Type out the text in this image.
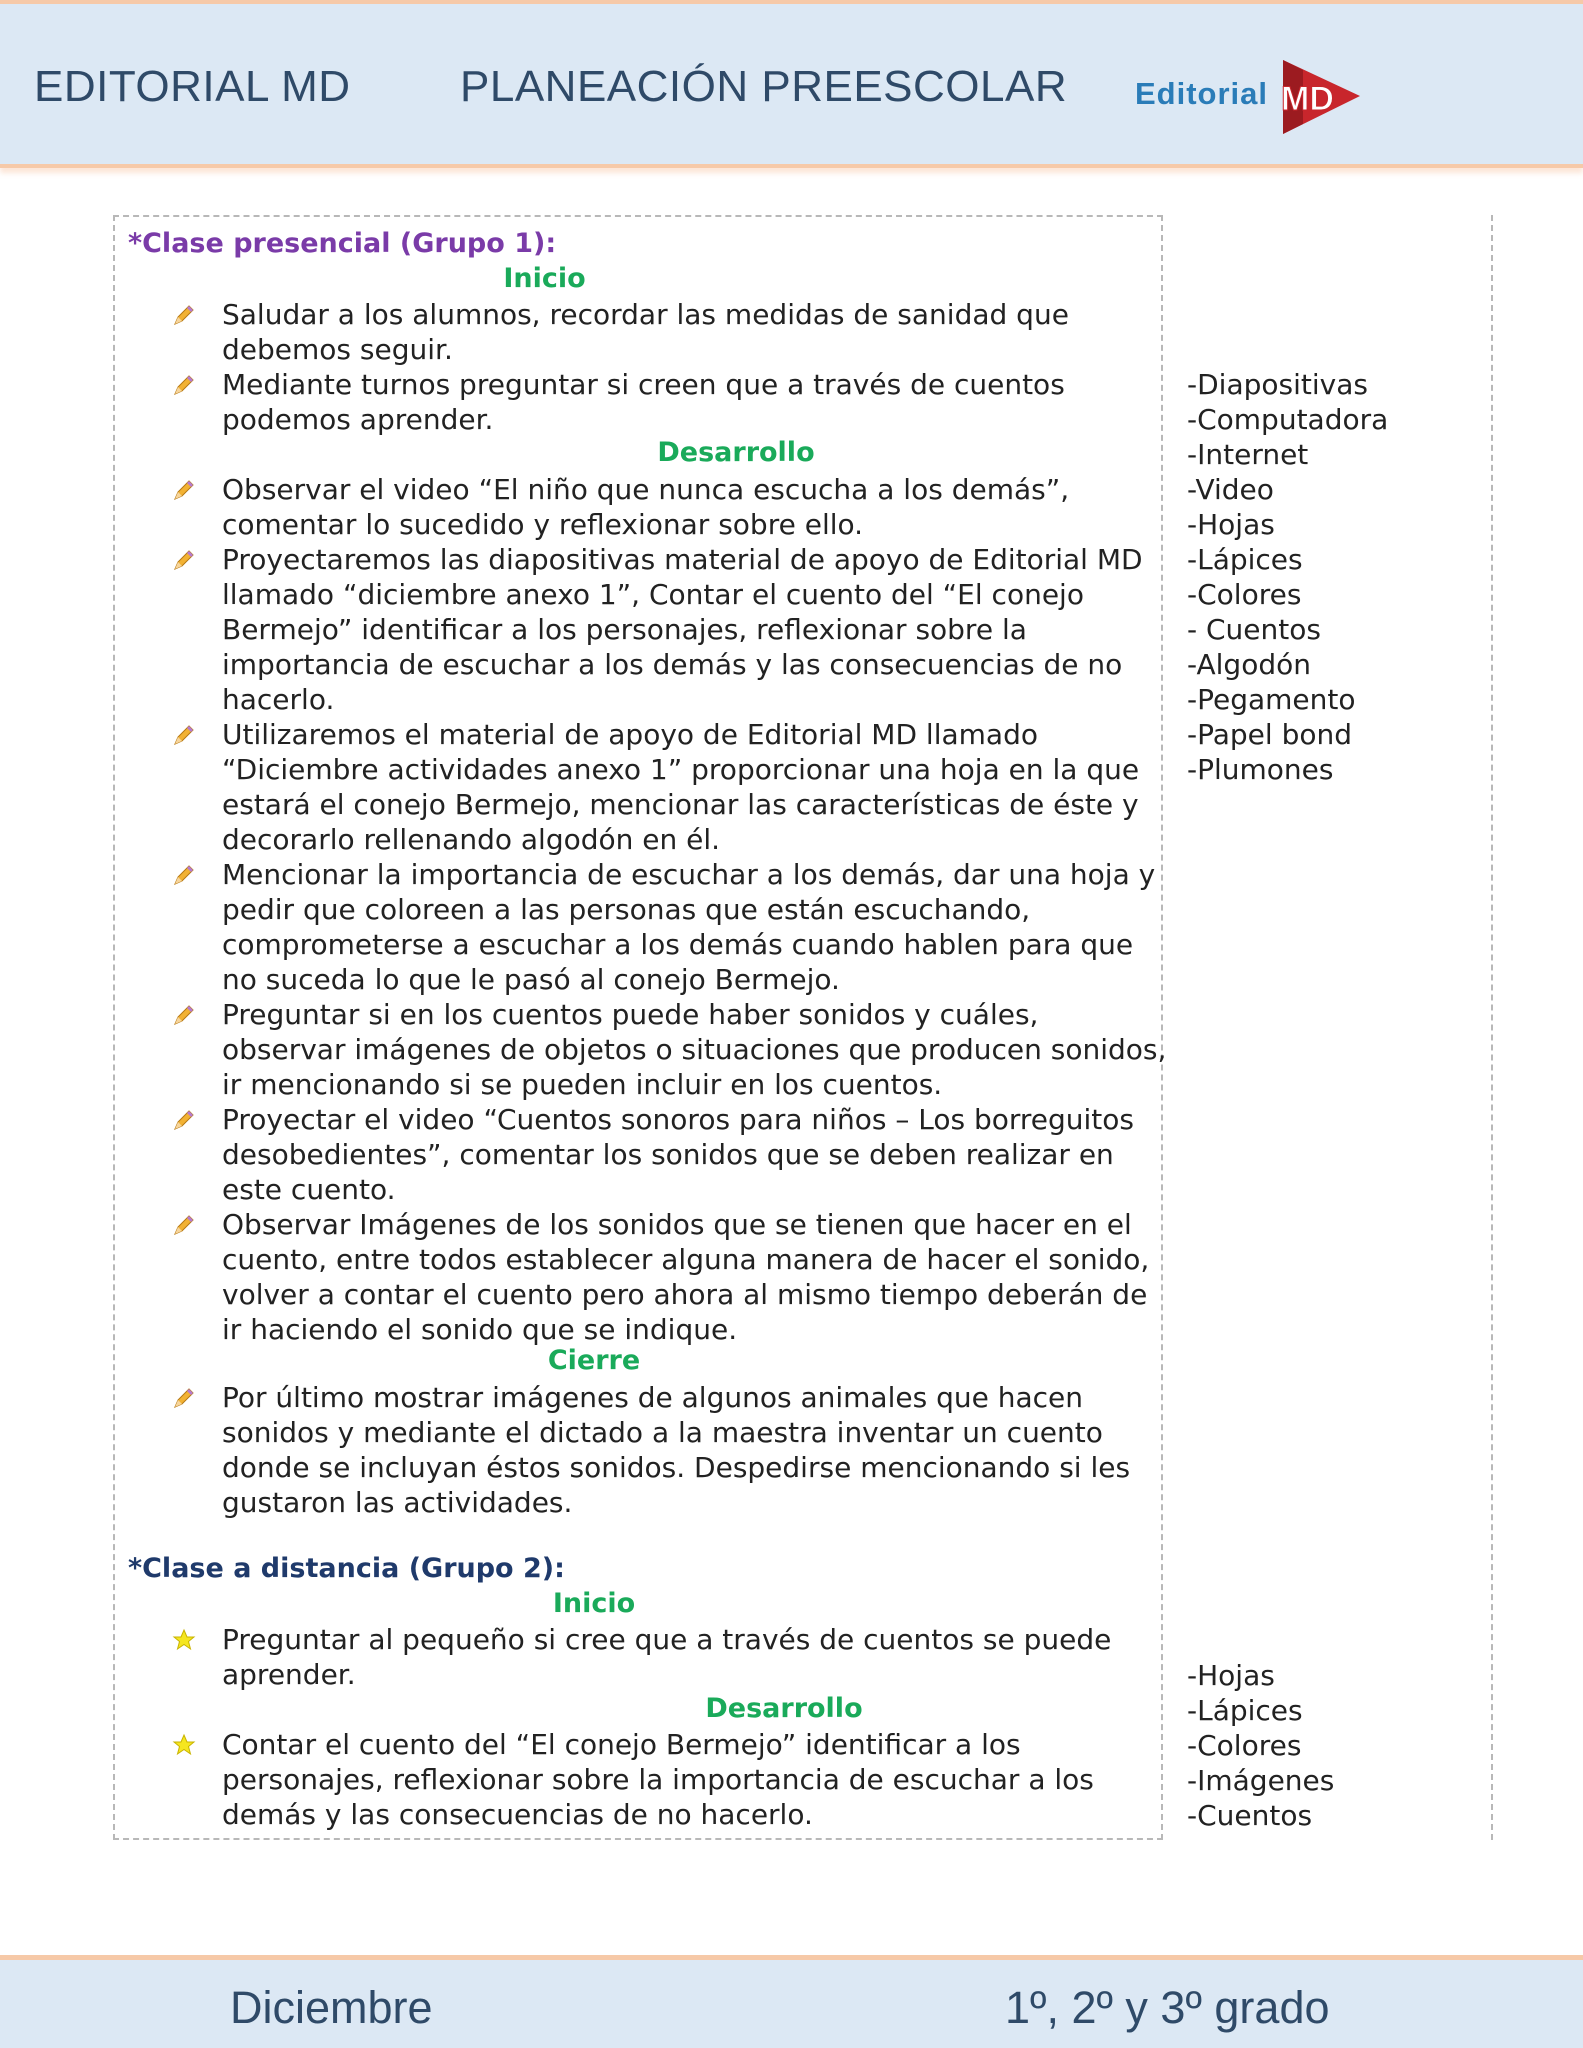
EDITORIAL MD PLANEACIÓN PREESCOLAR Editorial MD
*Clase presencial (Grupo 1):
Inicio
Saludar a los alumnos, recordar las medidas de sanidad que debemos seguir.
Mediante turnos preguntar si creen que a través de cuentos podemos aprender.
Desarrollo
Observar el video “El niño que nunca escucha a los demás”, comentar lo sucedido y reflexionar sobre ello.
Proyectaremos las diapositivas material de apoyo de Editorial MD llamado “diciembre anexo 1”, Contar el cuento del “El conejo Bermejo” identificar a los personajes, reflexionar sobre la importancia de escuchar a los demás y las consecuencias de no hacerlo.
Utilizaremos el material de apoyo de Editorial MD llamado “Diciembre actividades anexo 1” proporcionar una hoja en la que estará el conejo Bermejo, mencionar las características de éste y decorarlo rellenando algodón en él.
Mencionar la importancia de escuchar a los demás, dar una hoja y pedir que coloreen a las personas que están escuchando, comprometerse a escuchar a los demás cuando hablen para que no suceda lo que le pasó al conejo Bermejo.
Preguntar si en los cuentos puede haber sonidos y cuáles, observar imágenes de objetos o situaciones que producen sonidos, ir mencionando si se pueden incluir en los cuentos.
Proyectar el video “Cuentos sonoros para niños – Los borreguitos desobedientes”, comentar los sonidos que se deben realizar en este cuento.
Observar Imágenes de los sonidos que se tienen que hacer en el cuento, entre todos establecer alguna manera de hacer el sonido, volver a contar el cuento pero ahora al mismo tiempo deberán de ir haciendo el sonido que se indique.
Cierre
Por último mostrar imágenes de algunos animales que hacen sonidos y mediante el dictado a la maestra inventar un cuento donde se incluyan éstos sonidos. Despedirse mencionando si les gustaron las actividades.
-Diapositivas
-Computadora
-Internet
-Video
-Hojas
-Lápices
-Colores
- Cuentos
-Algodón
-Pegamento
-Papel bond
-Plumones
*Clase a distancia (Grupo 2):
Inicio
Preguntar al pequeño si cree que a través de cuentos se puede aprender.
Desarrollo
Contar el cuento del “El conejo Bermejo” identificar a los personajes, reflexionar sobre la importancia de escuchar a los demás y las consecuencias de no hacerlo.
-Hojas
-Lápices
-Colores
-Imágenes
-Cuentos
Diciembre	1º, 2º y 3º grado
